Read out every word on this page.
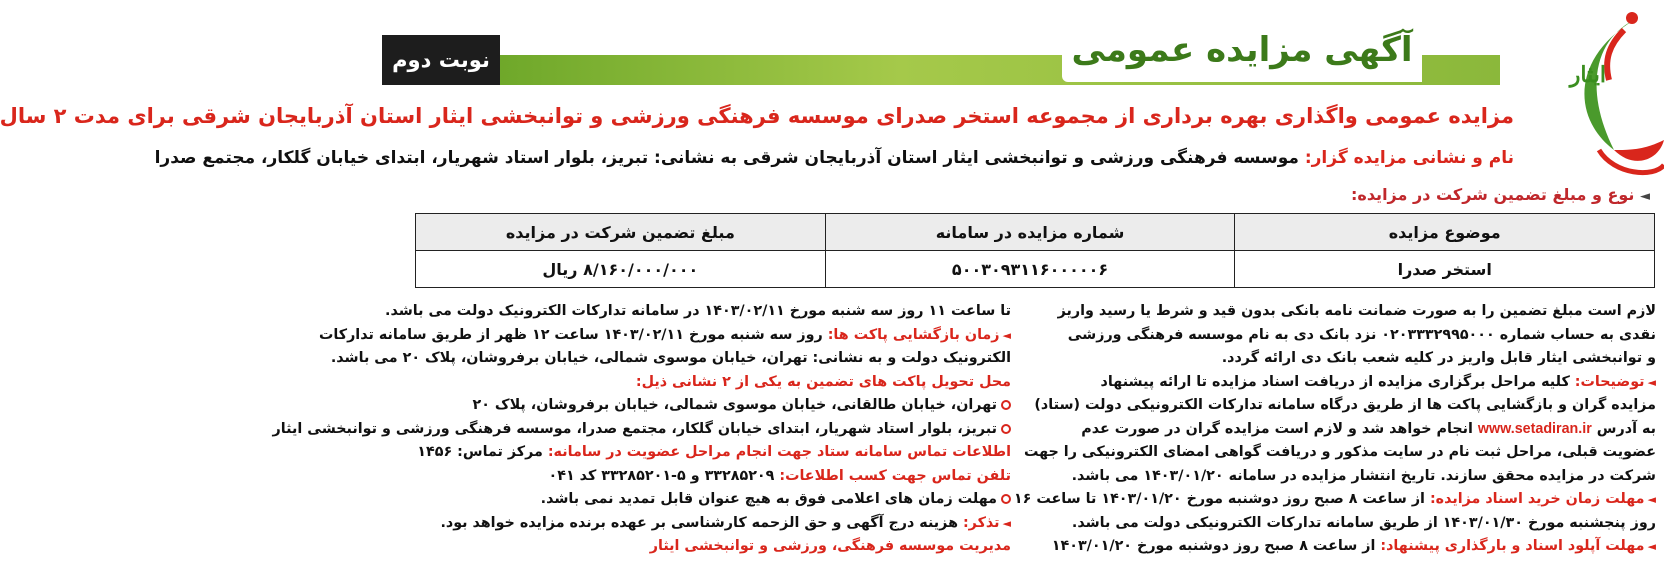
نوبت دوم	آگهی مزایده عمومی
ایثار
مزایده عمومی واگذاری بهره برداری از مجموعه استخر صدرای موسسه فرهنگی ورزشی و توانبخشی ایثار استان آذربایجان شرقی برای مدت ۲ سال
نام و نشانی مزایده گزار: موسسه فرهنگی ورزشی و توانبخشی ایثار استان آذربایجان شرقی به نشانی: تبریز، بلوار استاد شهریار، ابتدای خیابان گلکار، مجتمع صدرا
◄ نوع و مبلغ تضمین شرکت در مزایده:
موضوع مزایده	شماره مزایده در سامانه	مبلغ تضمین شرکت در مزایده
استخر صدرا	۵۰۰۳۰۹۳۱۱۶۰۰۰۰۰۶	۸/۱۶۰/۰۰۰/۰۰۰ ریال
لازم است مبلغ تضمین را به صورت ضمانت نامه بانکی بدون قید و شرط یا رسید واریز
نقدی به حساب شماره ۰۲۰۳۳۳۲۹۹۵۰۰۰ نزد بانک دی به نام موسسه فرهنگی ورزشی
و توانبخشی ایثار قابل واریز در کلیه شعب بانک دی ارائه گردد.
◄توضیحات: کلیه مراحل برگزاری مزایده از دریافت اسناد مزایده تا ارائه پیشنهاد
مزایده گران و بازگشایی پاکت ها از طریق درگاه سامانه تدارکات الکترونیکی دولت (ستاد)
به آدرس www.setadiran.ir انجام خواهد شد و لازم است مزایده گران در صورت عدم
عضویت قبلی، مراحل ثبت نام در سایت مذکور و دریافت گواهی امضای الکترونیکی را جهت
شرکت در مزایده محقق سازند. تاریخ انتشار مزایده در سامانه ۱۴۰۳/۰۱/۲۰ می باشد.
◄مهلت زمان خرید اسناد مزایده: از ساعت ۸ صبح روز دوشنبه مورخ ۱۴۰۳/۰۱/۲۰ تا ساعت ۱۶
روز پنجشنبه مورخ ۱۴۰۳/۰۱/۳۰ از طریق سامانه تدارکات الکترونیکی دولت می باشد.
◄مهلت آپلود اسناد و بارگذاری پیشنهاد: از ساعت ۸ صبح روز دوشنبه مورخ ۱۴۰۳/۰۱/۲۰
تا ساعت ۱۱ روز سه شنبه مورخ ۱۴۰۳/۰۲/۱۱ در سامانه تدارکات الکترونیک دولت می باشد.
◄زمان بازگشایی پاکت ها: روز سه شنبه مورخ ۱۴۰۳/۰۲/۱۱ ساعت ۱۲ ظهر از طریق سامانه تدارکات
الکترونیک دولت و به نشانی: تهران، خیابان موسوی شمالی، خیابان برفروشان، پلاک ۲۰ می باشد.
محل تحویل پاکت های تضمین به یکی از ۲ نشانی ذیل:
تهران، خیابان طالقانی، خیابان موسوی شمالی، خیابان برفروشان، پلاک ۲۰
تبریز، بلوار استاد شهریار، ابتدای خیابان گلکار، مجتمع صدرا، موسسه فرهنگی ورزشی و توانبخشی ایثار
اطلاعات تماس سامانه ستاد جهت انجام مراحل عضویت در سامانه: مرکز تماس: ۱۴۵۶
تلفن تماس جهت کسب اطلاعات: ۳۳۲۸۵۲۰۹ و ۵-۳۳۲۸۵۲۰۱ کد ۰۴۱
مهلت زمان های اعلامی فوق به هیچ عنوان قابل تمدید نمی باشد.
◄تذکر: هزینه درج آگهی و حق الزحمه کارشناسی بر عهده برنده مزایده خواهد بود.
مدیریت موسسه فرهنگی، ورزشی و توانبخشی ایثار
